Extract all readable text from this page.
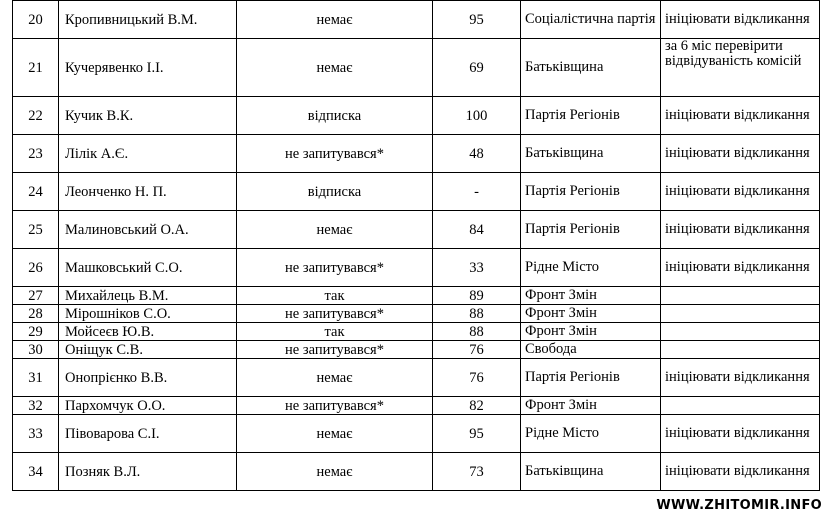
20	Кропивницький В.М.	немає	95	Соціалістична партія	ініціювати відкликання
21	Кучерявенко І.І.	немає	69	Батьківщина	за 6 міс перевірити відвідуваність комісій
22	Кучик В.К.	відписка	100	Партія Регіонів	ініціювати відкликання
23	Лілік А.Є.	не запитувався*	48	Батьківщина	ініціювати відкликання
24	Леонченко Н. П.	відписка	-	Партія Регіонів	ініціювати відкликання
25	Малиновський О.А.	немає	84	Партія Регіонів	ініціювати відкликання
26	Машковський С.О.	не запитувався*	33	Рідне Місто	ініціювати відкликання
27	Михайлець В.М.	так	89	Фронт Змін	
28	Мірошніков С.О.	не запитувався*	88	Фронт Змін	
29	Мойсеєв Ю.В.	так	88	Фронт Змін	
30	Оніщук С.В.	не запитувався*	76	Свобода	
31	Онопрієнко В.В.	немає	76	Партія Регіонів	ініціювати відкликання
32	Пархомчук О.О.	не запитувався*	82	Фронт Змін	
33	Півоварова С.І.	немає	95	Рідне Місто	ініціювати відкликання
34	Позняк В.Л.	немає	73	Батьківщина	ініціювати відкликання
WWW.ZHITOMIR.INFO
